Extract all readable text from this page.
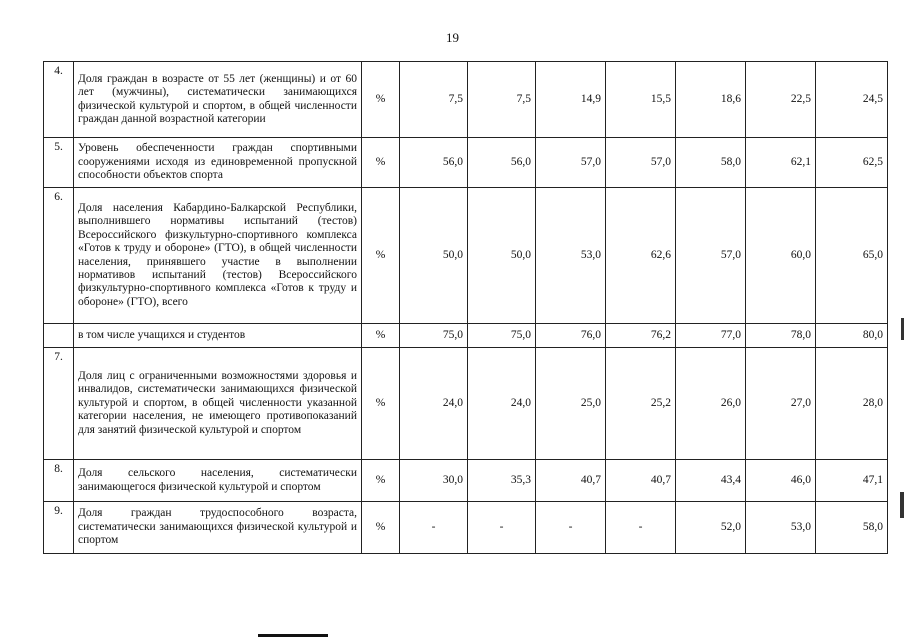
19
4.	Доля граждан в возрасте от 55 лет (женщины) и от 60 лет (мужчины), систематически занимающихся физической культурой и спортом, в общей численности граждан данной возрастной категории	%	7,5	7,5	14,9	15,5	18,6	22,5	24,5
5.	Уровень обеспеченности граждан спортивными сооружениями исходя из единовременной пропускной способности объектов спорта	%	56,0	56,0	57,0	57,0	58,0	62,1	62,5
6.	Доля населения Кабардино-Балкарской Республики, выполнившего нормативы испытаний (тестов) Всероссийского физкультурно-спортивного комплекса «Готов к труду и обороне» (ГТО), в общей численности населения, принявшего участие в выполнении нормативов испытаний (тестов) Всероссийского физкультурно-спортивного комплекса «Готов к труду и обороне» (ГТО), всего	%	50,0	50,0	53,0	62,6	57,0	60,0	65,0
	в том числе учащихся и студентов	%	75,0	75,0	76,0	76,2	77,0	78,0	80,0
7.	Доля лиц с ограниченными возможностями здоровья и инвалидов, систематически занимающихся физической культурой и спортом, в общей численности указанной категории населения, не имеющего противопоказаний для занятий физической культурой и спортом	%	24,0	24,0	25,0	25,2	26,0	27,0	28,0
8.	Доля сельского населения, систематически занимающегося физической культурой и спортом	%	30,0	35,3	40,7	40,7	43,4	46,0	47,1
9.	Доля граждан трудоспособного возраста, систематически занимающихся физической культурой и спортом	%	-	-	-	-	52,0	53,0	58,0
